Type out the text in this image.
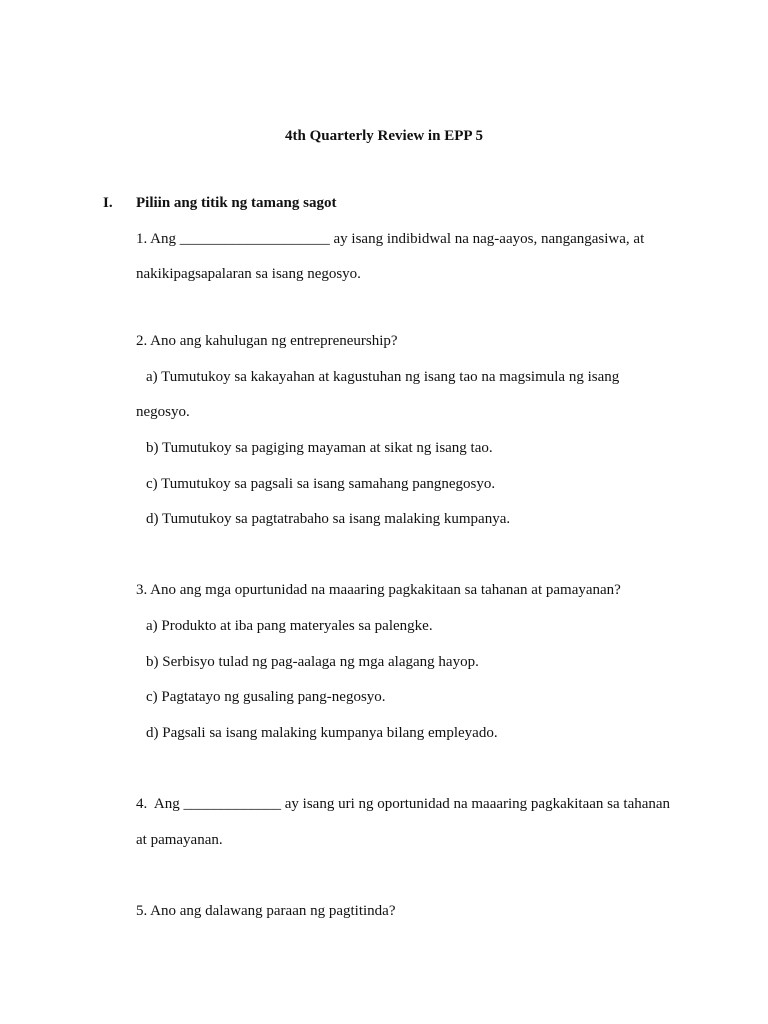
4th Quarterly Review in EPP 5
I. Piliin ang titik ng tamang sagot
1. Ang ____________________ ay isang indibidwal na nag-aayos, nangangasiwa, at
nakikipagsapalaran sa isang negosyo.
2. Ano ang kahulugan ng entrepreneurship?
a) Tumutukoy sa kakayahan at kagustuhan ng isang tao na magsimula ng isang
negosyo.
b) Tumutukoy sa pagiging mayaman at sikat ng isang tao.
c) Tumutukoy sa pagsali sa isang samahang pangnegosyo.
d) Tumutukoy sa pagtatrabaho sa isang malaking kumpanya.
3. Ano ang mga opurtunidad na maaaring pagkakitaan sa tahanan at pamayanan?
a) Produkto at iba pang materyales sa palengke.
b) Serbisyo tulad ng pag-aalaga ng mga alagang hayop.
c) Pagtatayo ng gusaling pang-negosyo.
d) Pagsali sa isang malaking kumpanya bilang empleyado.
4.  Ang _____________ ay isang uri ng oportunidad na maaaring pagkakitaan sa tahanan
at pamayanan.
5. Ano ang dalawang paraan ng pagtitinda?
